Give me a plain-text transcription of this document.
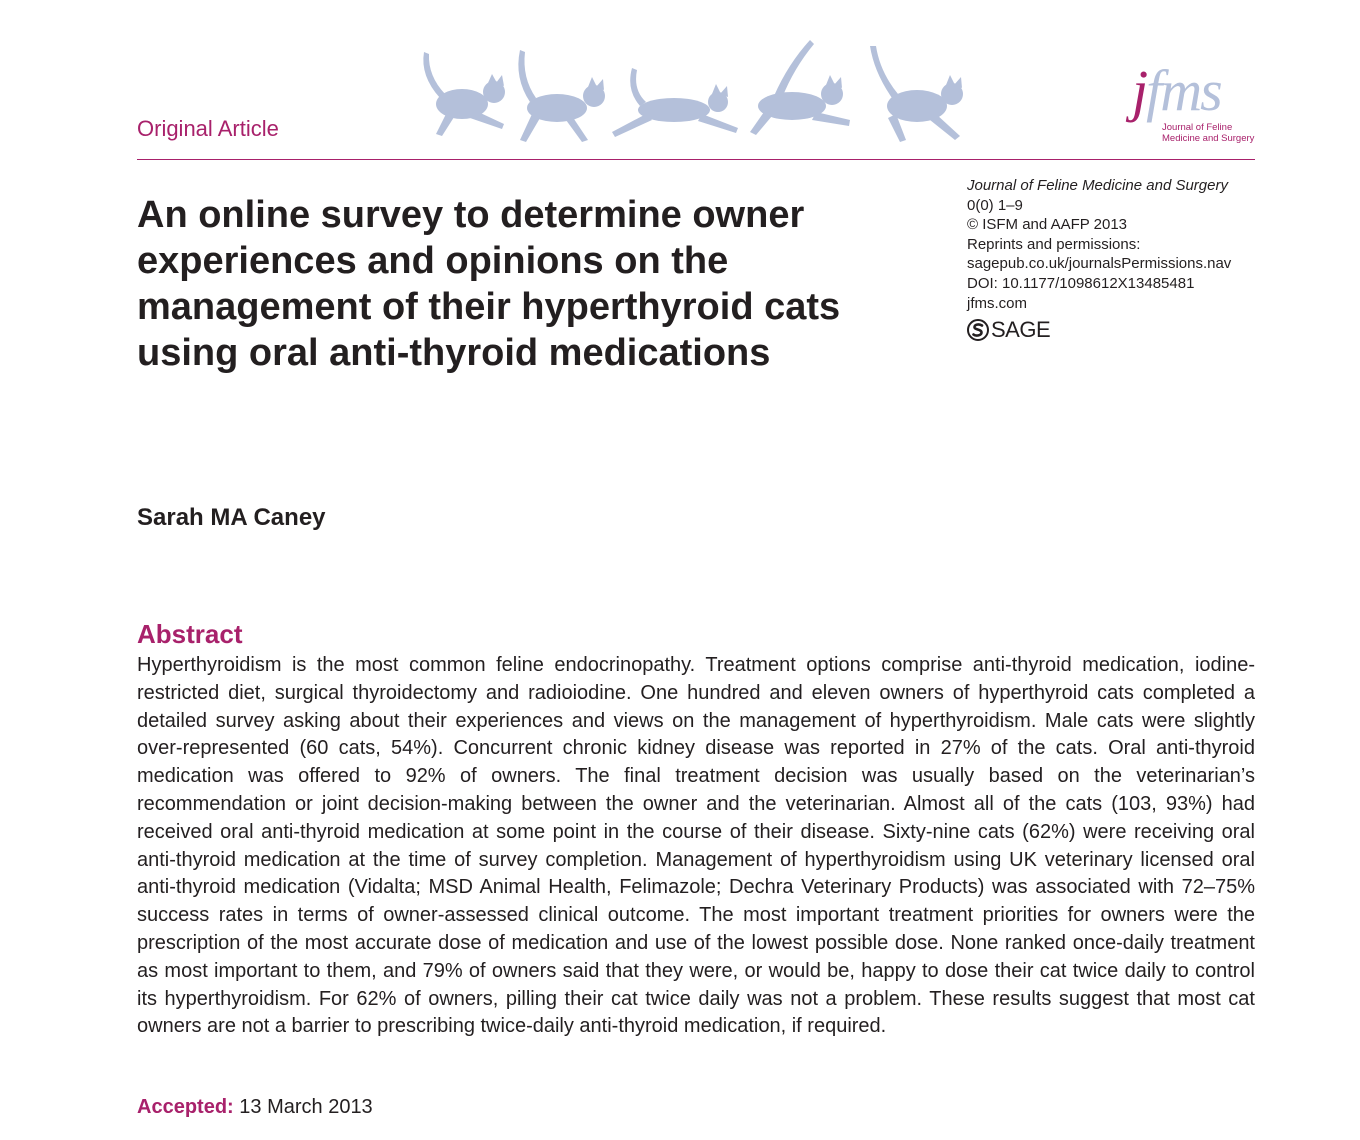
Original Article
jfms
Journal of Feline
Medicine and Surgery
An online survey to determine owner experiences and opinions on the management of their hyperthyroid cats using oral anti-thyroid medications
Journal of Feline Medicine and Surgery
0(0) 1–9
© ISFM and AAFP 2013
Reprints and permissions:
sagepub.co.uk/journalsPermissions.nav
DOI: 10.1177/1098612X13485481
jfms.com
SAGE
Sarah MA Caney
Abstract

Hyperthyroidism is the most common feline endocrinopathy. Treatment options comprise anti-thyroid medication, iodine-restricted diet, surgical thyroidectomy and radioiodine. One hundred and eleven owners of hyperthyroid cats completed a detailed survey asking about their experiences and views on the management of hyperthyroidism. Male cats were slightly over-represented (60 cats, 54%). Concurrent chronic kidney disease was reported in 27% of the cats. Oral anti-thyroid medication was offered to 92% of owners. The final treatment decision was usually based on the veterinarian’s recommendation or joint decision-making between the owner and the veterinarian. Almost all of the cats (103, 93%) had received oral anti-thyroid medication at some point in the course of their disease. Sixty-nine cats (62%) were receiving oral anti-thyroid medication at the time of survey completion. Management of hyperthyroidism using UK veterinary licensed oral anti-thyroid medication (Vidalta; MSD Animal Health, Felimazole; Dechra Veterinary Products) was associated with 72–75% success rates in terms of owner-assessed clinical outcome. The most important treatment priorities for owners were the prescription of the most accurate dose of medication and use of the lowest possible dose. None ranked once-daily treatment as most important to them, and 79% of owners said that they were, or would be, happy to dose their cat twice daily to control its hyperthyroidism. For 62% of owners, pilling their cat twice daily was not a problem. These results suggest that most cat owners are not a barrier to prescribing twice-daily anti-thyroid medication, if required.

Accepted: 13 March 2013
